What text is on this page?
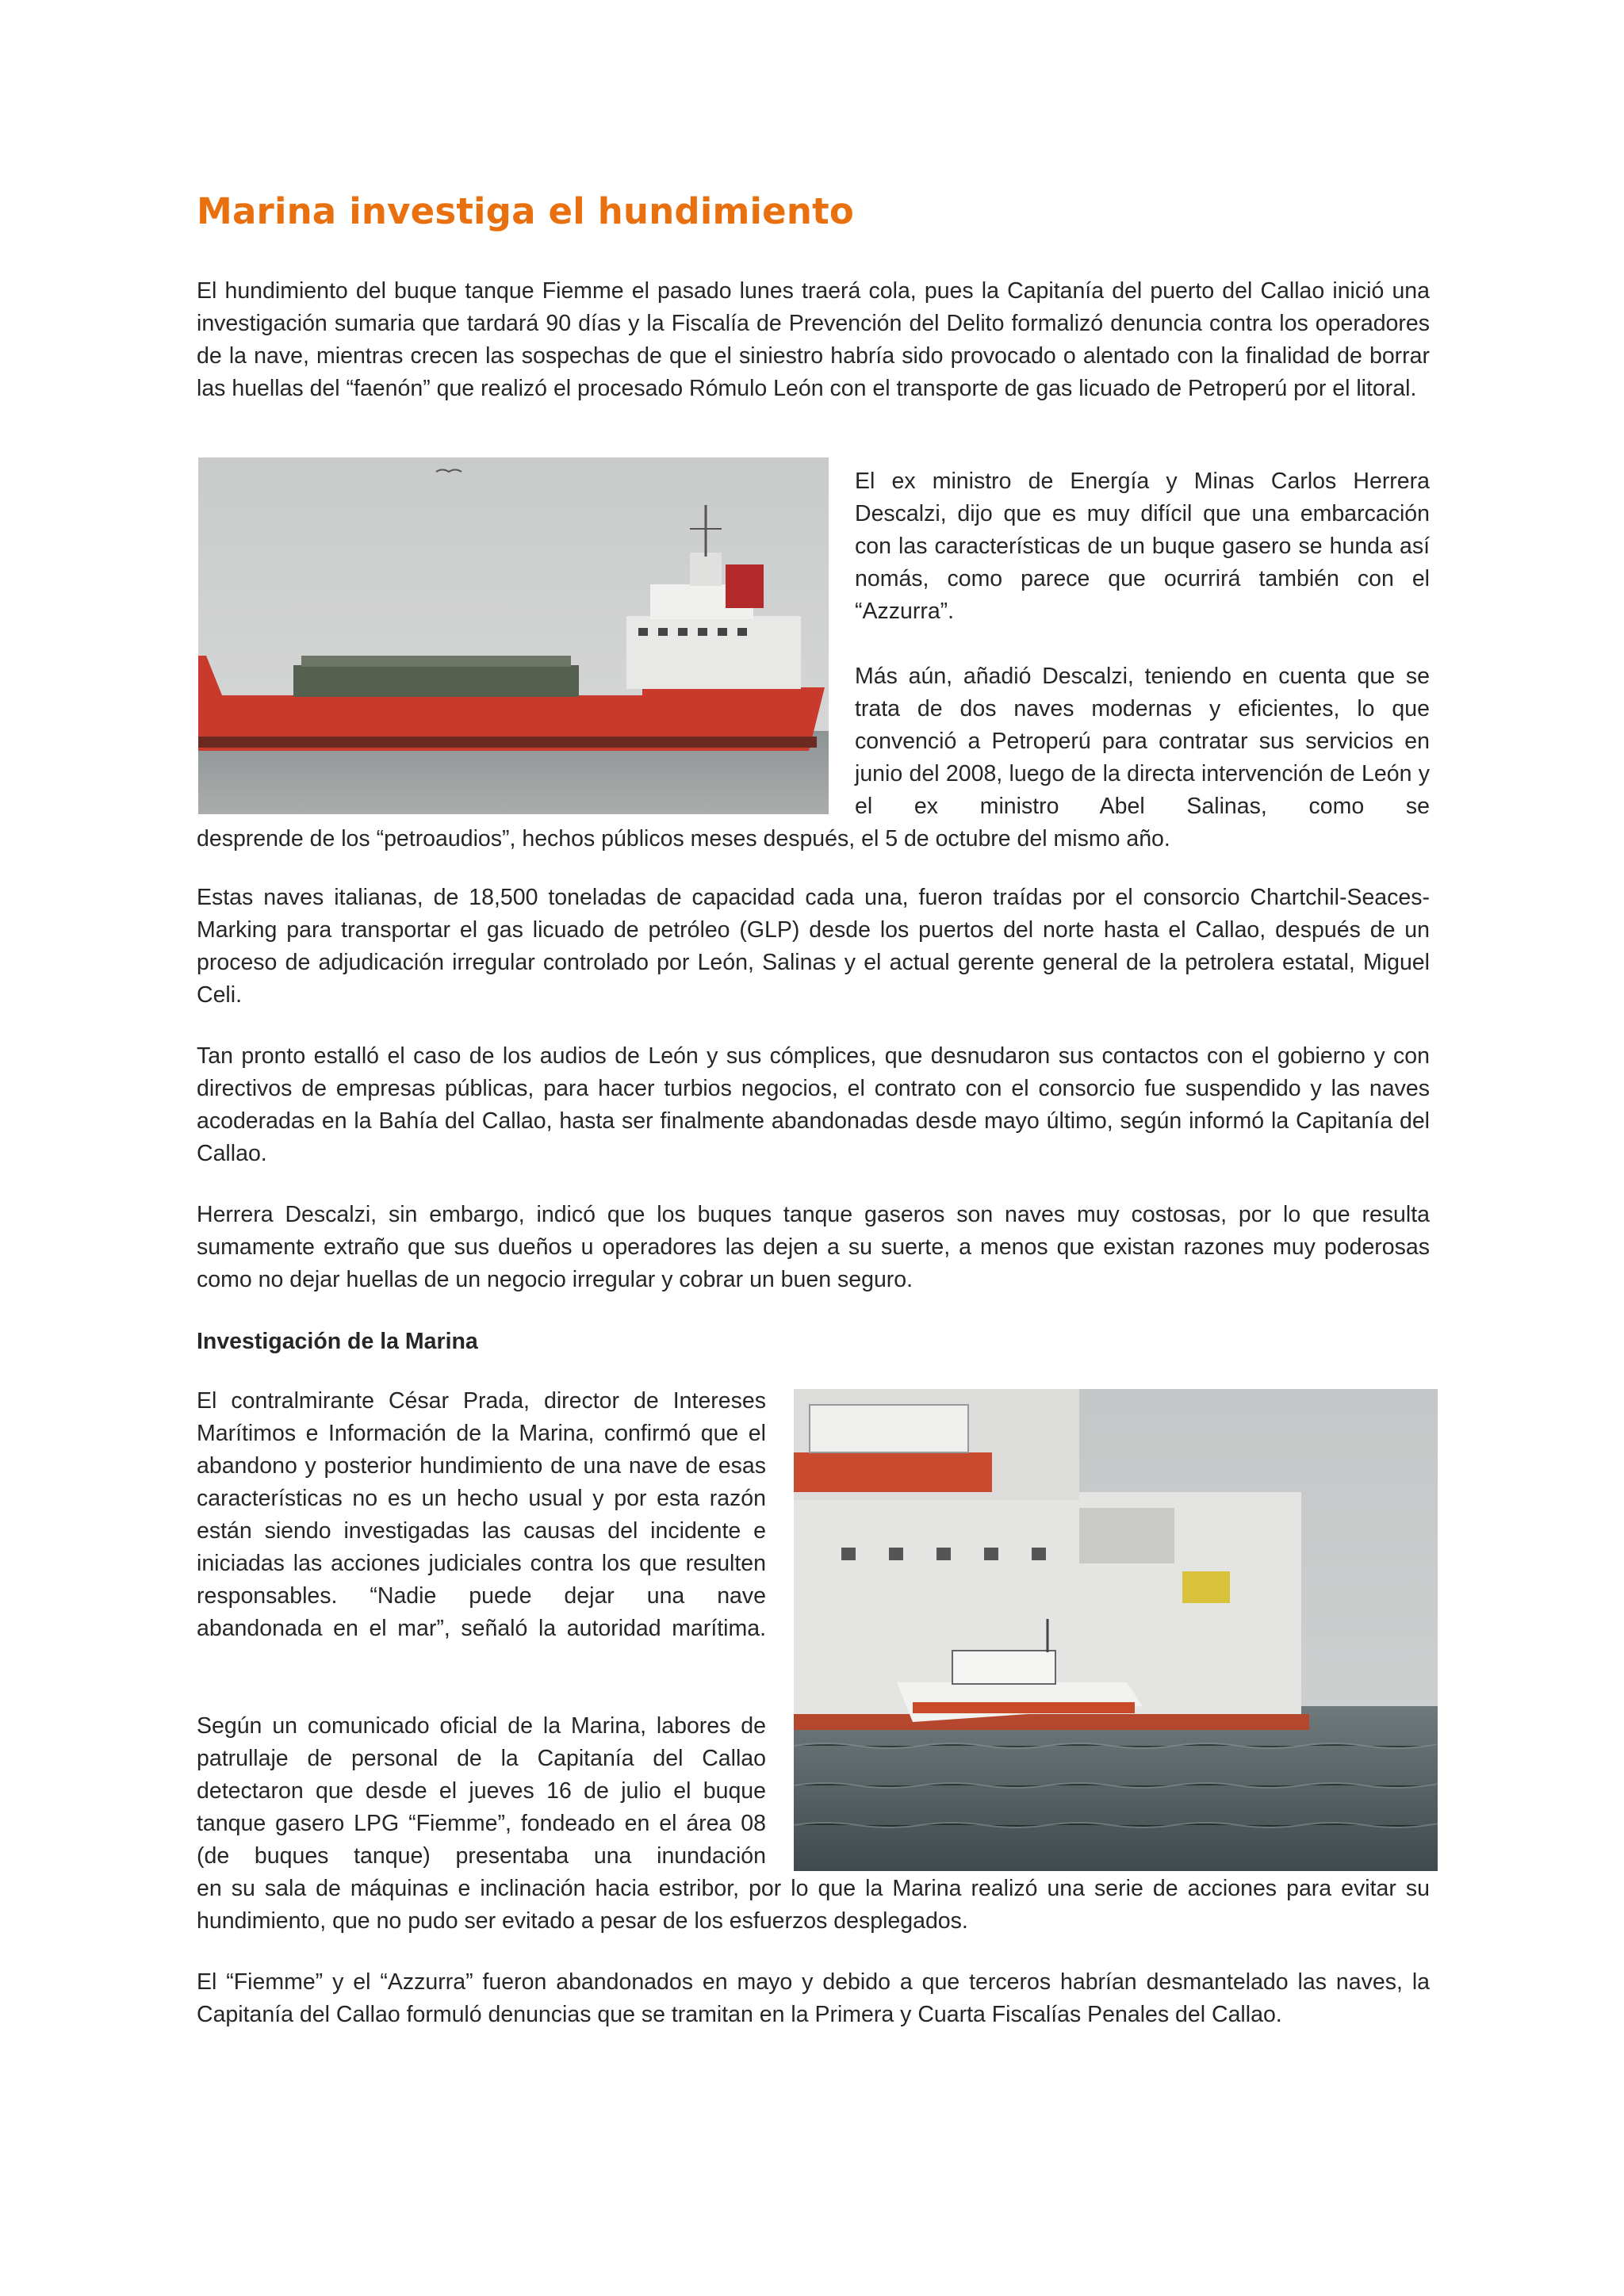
Marina investiga el hundimiento

El hundimiento del buque tanque Fiemme el pasado lunes traerá cola, pues la Capitanía del puerto del Callao inició una investigación sumaria que tardará 90 días y la Fiscalía de Prevención del Delito formalizó denuncia contra los operadores de la nave, mientras crecen las sospechas de que el siniestro habría sido provocado o alentado con la finalidad de borrar las huellas del “faenón” que realizó el procesado Rómulo León con el transporte de gas licuado de Petroperú por el litoral.

El ex ministro de Energía y Minas Carlos Herrera Descalzi, dijo que es muy difícil que una embarcación con las características de un buque gasero se hunda así nomás, como parece que ocurrirá también con el “Azzurra”.

Más aún, añadió Descalzi, teniendo en cuenta que se trata de dos naves modernas y eficientes, lo que convenció a Petroperú para contratar sus servicios en junio del 2008, luego de la directa intervención de León y el ex ministro Abel Salinas, como se

desprende de los “petroaudios”, hechos públicos meses después, el 5 de octubre del mismo año.

Estas naves italianas, de 18,500 toneladas de capacidad cada una, fueron traídas por el consorcio Chartchil-Seaces-Marking para transportar el gas licuado de petróleo (GLP) desde los puertos del norte hasta el Callao, después de un proceso de adjudicación irregular controlado por León, Salinas y el actual gerente general de la petrolera estatal, Miguel Celi.

Tan pronto estalló el caso de los audios de León y sus cómplices, que desnudaron sus contactos con el gobierno y con directivos de empresas públicas, para hacer turbios negocios, el contrato con el consorcio fue suspendido y las naves acoderadas en la Bahía del Callao, hasta ser finalmente abandonadas desde mayo último, según informó la Capitanía del Callao.

Herrera Descalzi, sin embargo, indicó que los buques tanque gaseros son naves muy costosas, por lo que resulta sumamente extraño que sus dueños u operadores las dejen a su suerte, a menos que existan razones muy poderosas como no dejar huellas de un negocio irregular y cobrar un buen seguro.

Investigación de la Marina

El contralmirante César Prada, director de Intereses Marítimos e Información de la Marina, confirmó que el abandono y posterior hundimiento de una nave de esas características no es un hecho usual y por esta razón están siendo investigadas las causas del incidente e iniciadas las acciones judiciales contra los que resulten responsables. “Nadie puede dejar una nave abandonada en el mar”, señaló la autoridad marítima.

Según un comunicado oficial de la Marina, labores de patrullaje de personal de la Capitanía del Callao detectaron que desde el jueves 16 de julio el buque tanque gasero LPG “Fiemme”, fondeado en el área 08 (de buques tanque) presentaba una inundación

en su sala de máquinas e inclinación hacia estribor, por lo que la Marina realizó una serie de acciones para evitar su hundimiento, que no pudo ser evitado a pesar de los esfuerzos desplegados.

El “Fiemme” y el “Azzurra” fueron abandonados en mayo y debido a que terceros habrían desmantelado las naves, la Capitanía del Callao formuló denuncias que se tramitan en la Primera y Cuarta Fiscalías Penales del Callao.
